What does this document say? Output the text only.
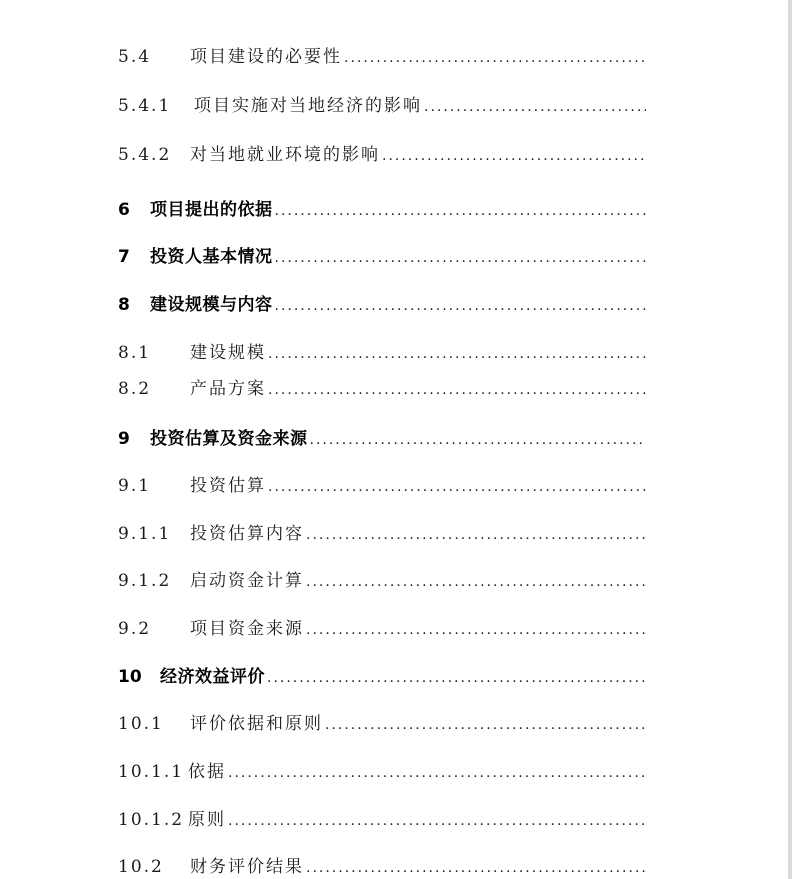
5.4	项目建设的必要性
.....
5.4.1	项目实施对当地经济的影响
.....
5.4.2	对当地就业环境的影响
.....
6	项目提出的依据
.....
7	投资人基本情况
.....
8	建设规模与内容
.....
8.1	建设规模
.....
8.2	产品方案
.....
9	投资估算及资金来源
.....
9.1	投资估算
.....
9.1.1	投资估算内容
.....
9.1.2	启动资金计算
.....
9.2	项目资金来源
.....
10	经济效益评价
.....
10.1	评价依据和原则
.....
10.1.1 依据
.....
10.1.2 原则
.....
10.2	财务评价结果
.....
